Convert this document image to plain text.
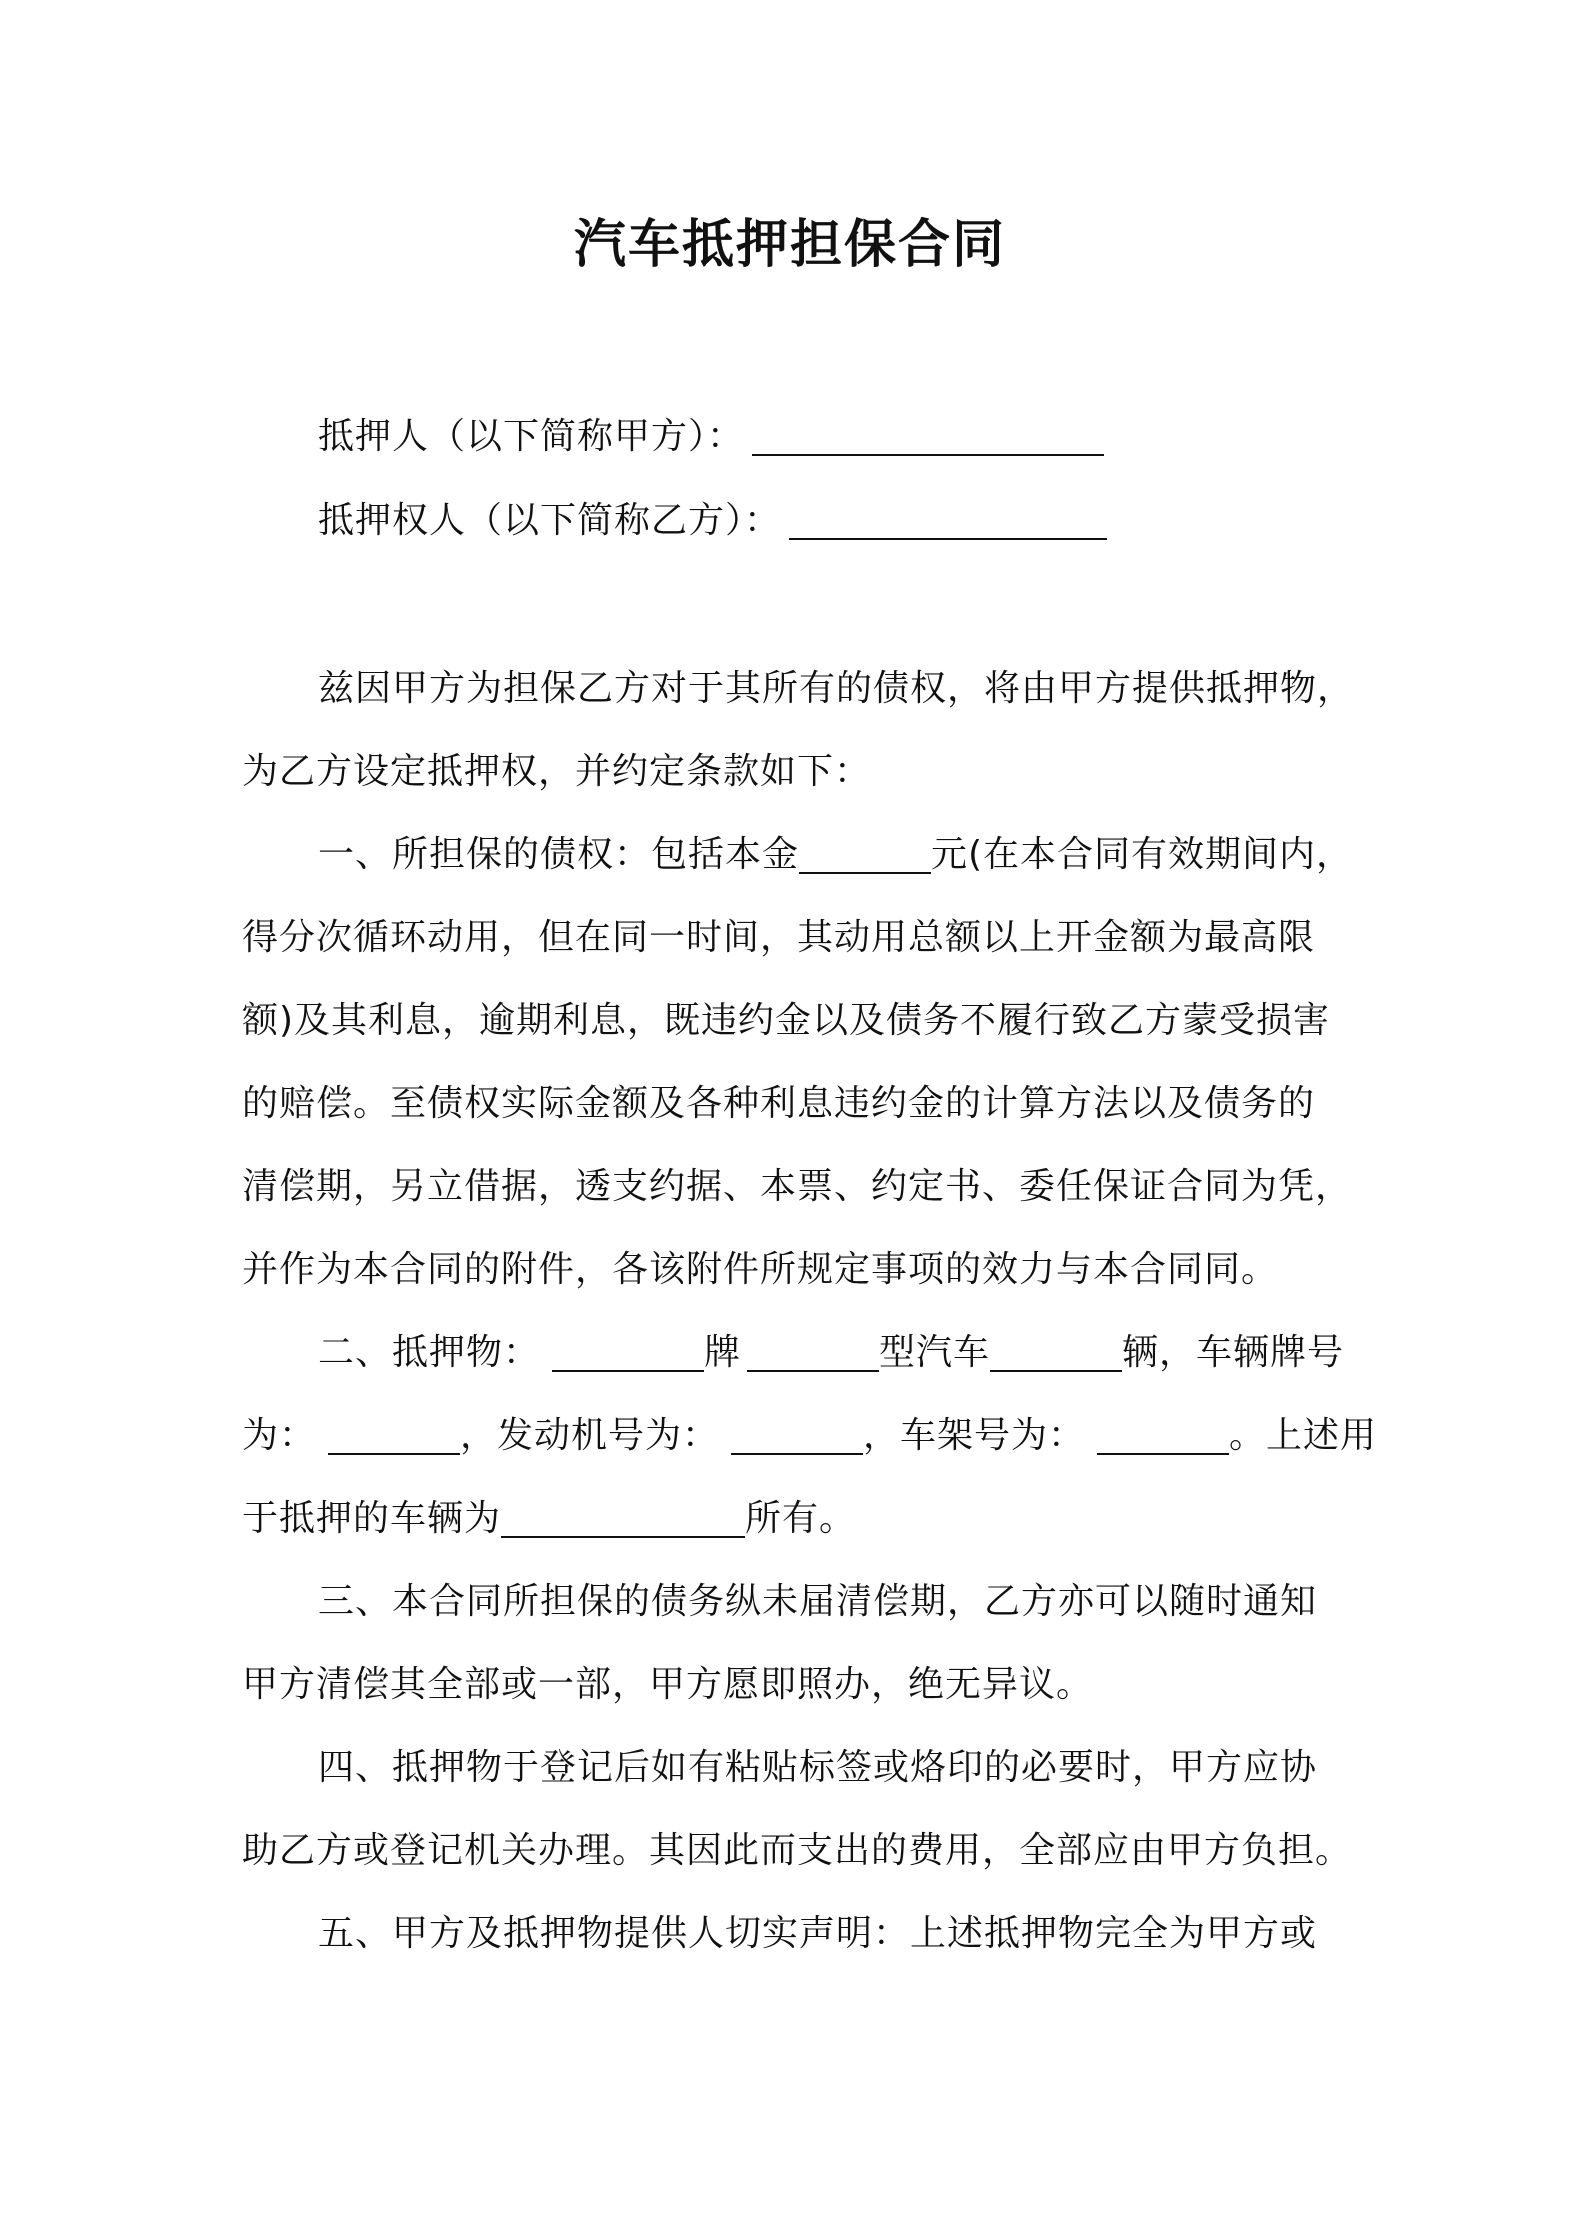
汽车抵押担保合同
抵押人（以下简称甲方）：
抵押权人（以下简称乙方）：
兹因甲方为担保乙方对于其所有的债权，将由甲方提供抵押物，
为乙方设定抵押权，并约定条款如下：
一、所担保的债权：包括本金	元(在本合同有效期间内，
得分次循环动用，但在同一时间，其动用总额以上开金额为最高限
额)及其利息，逾期利息，既违约金以及债务不履行致乙方蒙受损害
的赔偿。至债权实际金额及各种利息违约金的计算方法以及债务的
清偿期，另立借据，透支约据、本票、约定书、委任保证合同为凭，
并作为本合同的附件，各该附件所规定事项的效力与本合同同。
二、抵押物：	牌	型汽车	辆，车辆牌号
为：	，发动机号为：	，车架号为：	。上述用
于抵押的车辆为	所有。
三、本合同所担保的债务纵未届清偿期，乙方亦可以随时通知
甲方清偿其全部或一部，甲方愿即照办，绝无异议。
四、抵押物于登记后如有粘贴标签或烙印的必要时，甲方应协
助乙方或登记机关办理。其因此而支出的费用，全部应由甲方负担。
五、甲方及抵押物提供人切实声明：上述抵押物完全为甲方或
